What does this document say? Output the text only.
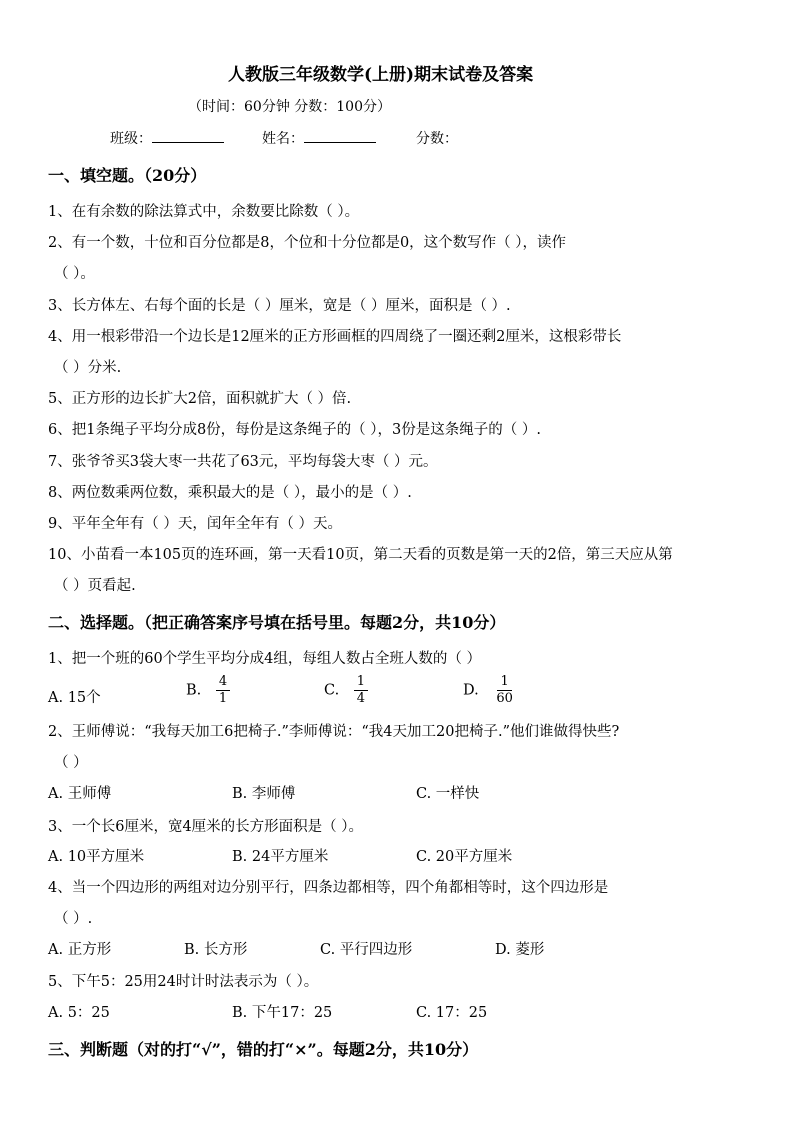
人教版三年级数学(上册)期末试卷及答案
（时间：60分钟 分数：100分）
班级：	姓名：	分数：
一、填空题。（20分）
1、在有余数的除法算式中，余数要比除数（ ）。
2、有一个数，十位和百分位都是8，个位和十分位都是0，这个数写作（ ），读作
（ ）。
3、长方体左、右每个面的长是（ ）厘米，宽是（ ）厘米，面积是（ ）.
4、用一根彩带沿一个边长是12厘米的正方形画框的四周绕了一圈还剩2厘米，这根彩带长
（ ）分米.
5、正方形的边长扩大2倍，面积就扩大（ ）倍.
6、把1条绳子平均分成8份，每份是这条绳子的（ ），3份是这条绳子的（ ）.
7、张爷爷买3袋大枣一共花了63元，平均每袋大枣（ ）元。
8、两位数乘两位数，乘积最大的是（ ），最小的是（ ）.
9、平年全年有（ ）天，闰年全年有（ ）天。
10、小苗看一本105页的连环画，第一天看10页，第二天看的页数是第一天的2倍，第三天应从第
（ ）页看起.
二、选择题。（把正确答案序号填在括号里。每题2分，共10分）
1、把一个班的60个学生平均分成4组，每组人数占全班人数的（ ）
A. 15个	B. $\frac{4}{1}$	C. $\frac{1}{4}$	D. $\frac{1}{60}$
2、王师傅说：“我每天加工6把椅子.”李师傅说：“我4天加工20把椅子.”他们谁做得快些?
（ ）
A. 王师傅	B. 李师傅	C. 一样快
3、一个长6厘米，宽4厘米的长方形面积是（ ）。
A. 10平方厘米	B. 24平方厘米	C. 20平方厘米
4、当一个四边形的两组对边分别平行，四条边都相等，四个角都相等时，这个四边形是
（ ）.
A. 正方形	B. 长方形	C. 平行四边形	D. 菱形
5、下午5：25用24时计时法表示为（ ）。
A. 5：25	B. 下午17：25	C. 17：25
三、判断题（对的打“√”，错的打“×”。每题2分，共10分）
